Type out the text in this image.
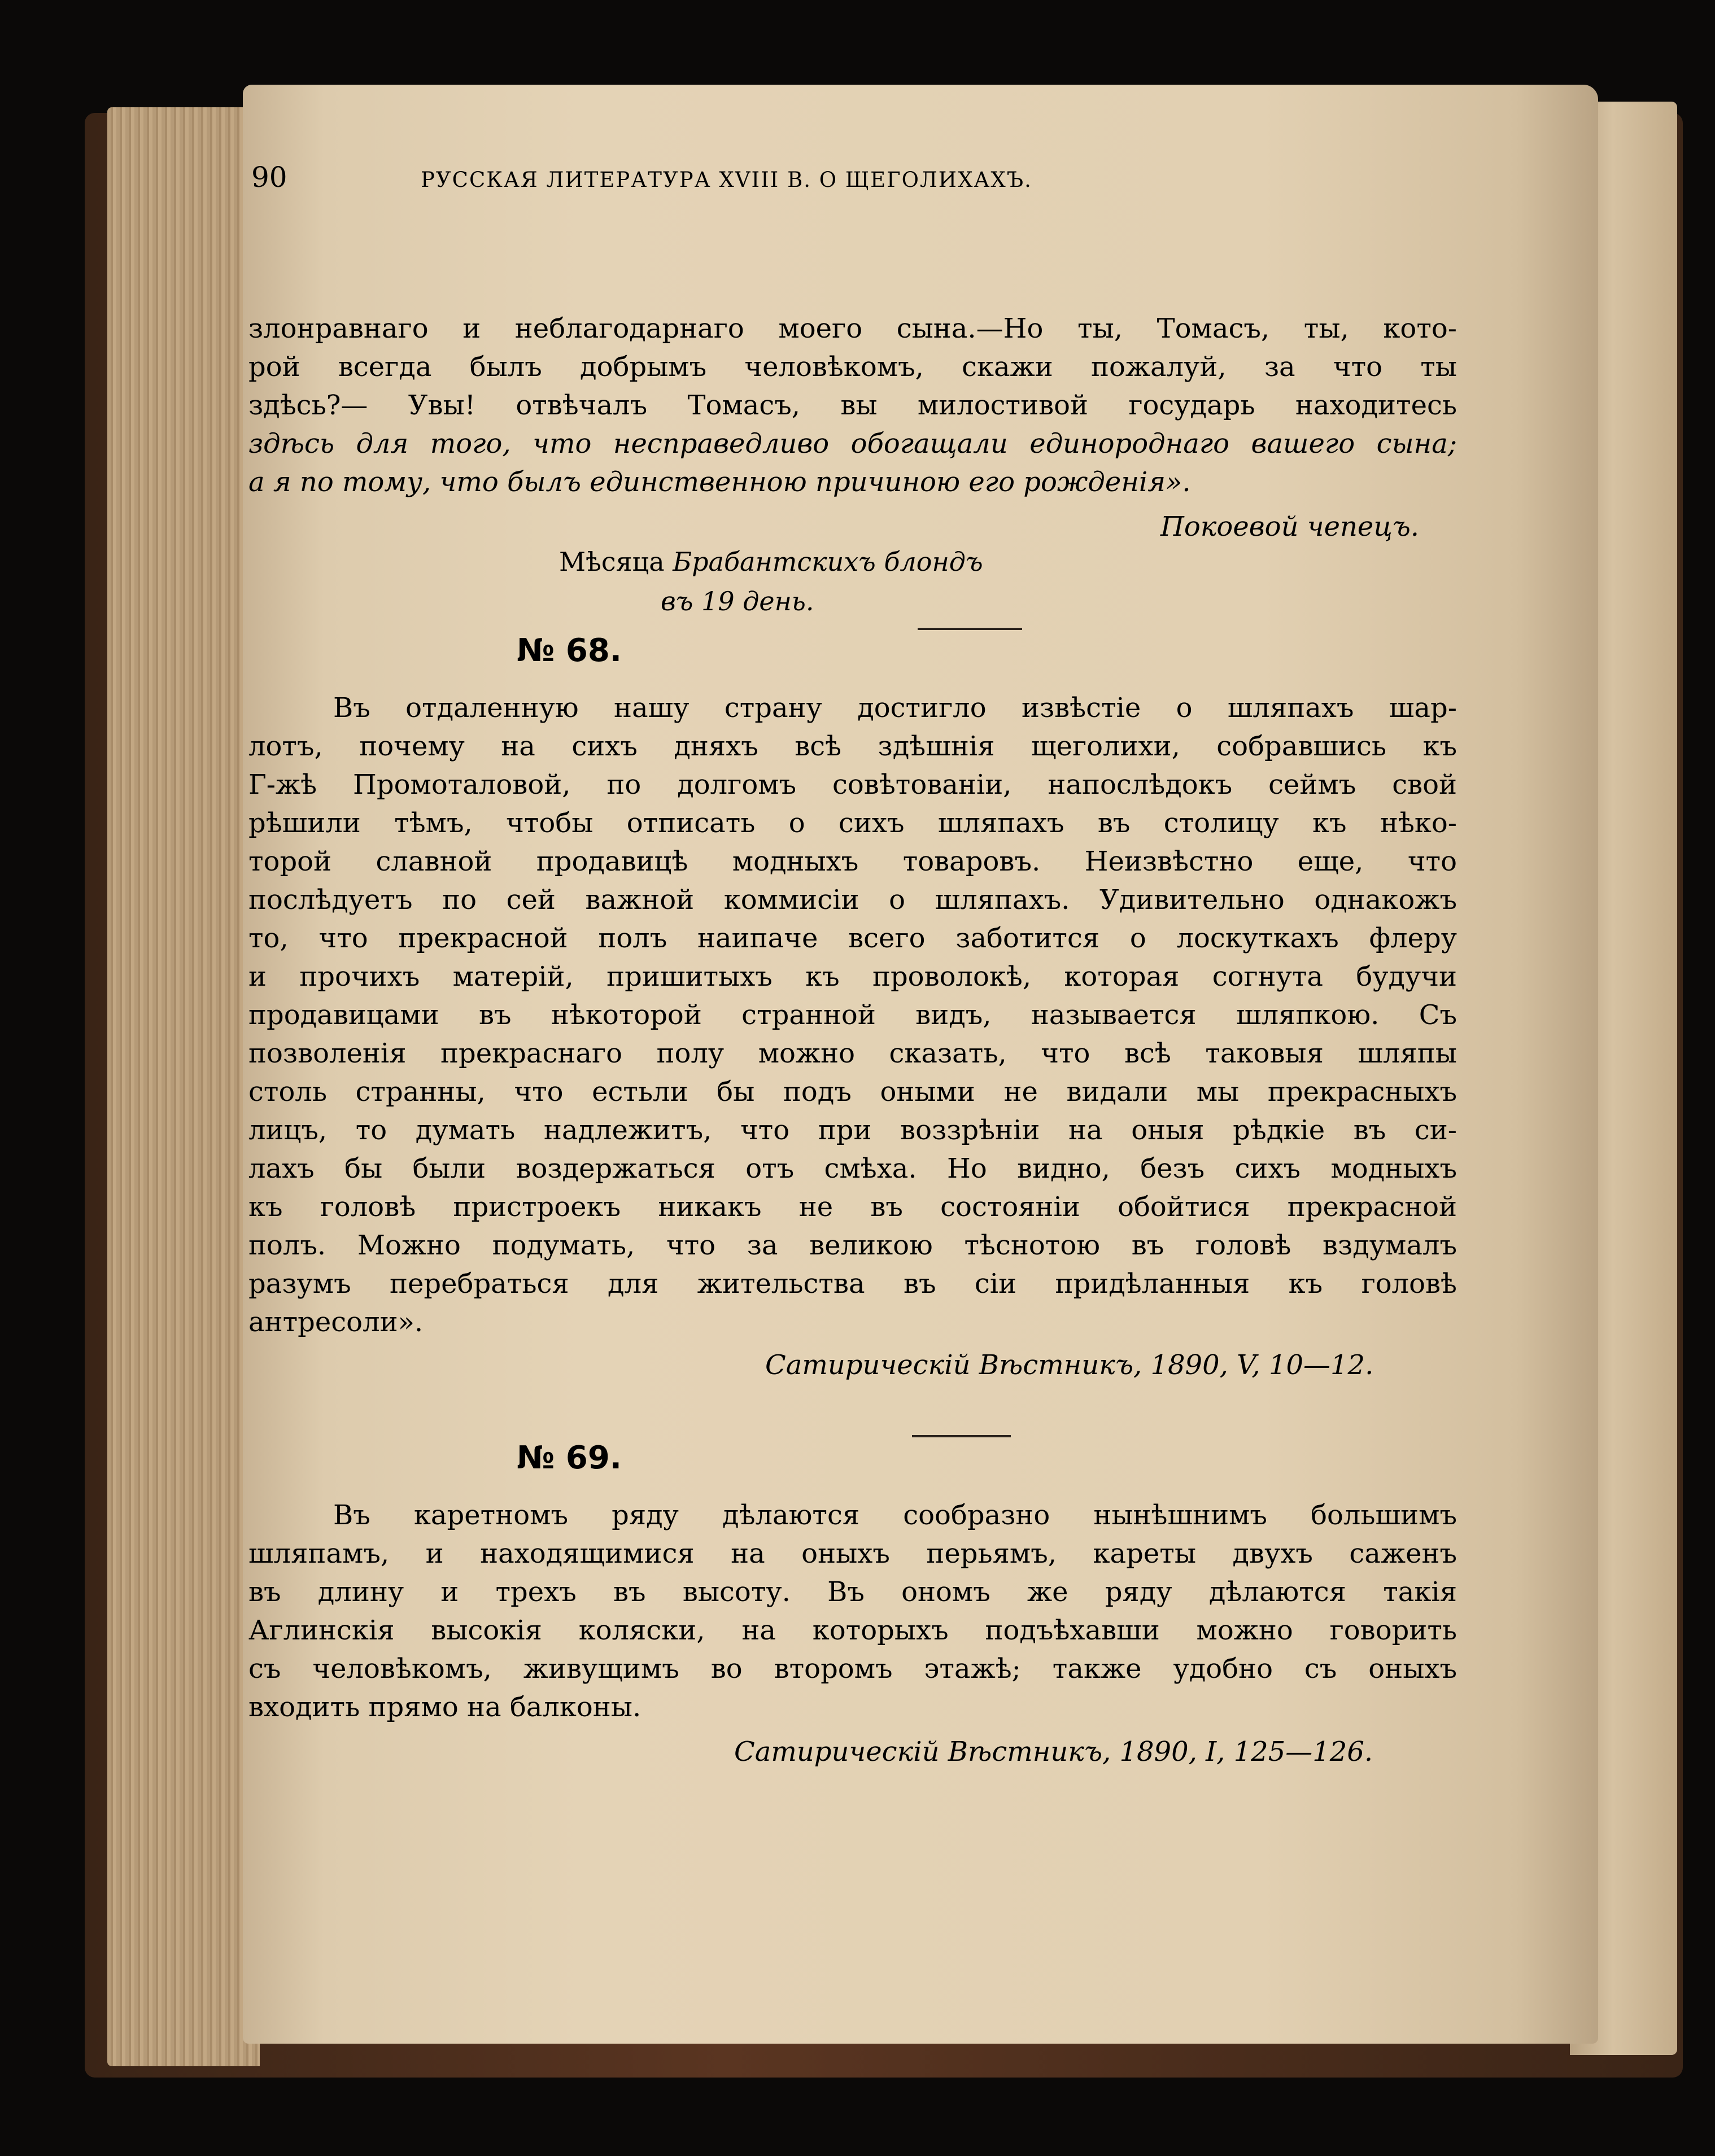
90	РУССКАЯ ЛИТЕРАТУРА XVIII В. О ЩЕГОЛИХАХЪ.
злонравнаго и неблагодарнаго моего сына.—Но ты, Томасъ, ты, кото-
рой всегда былъ добрымъ человѣкомъ, скажи пожалуй, за что ты
здѣсь?— Увы! отвѣчалъ Томасъ, вы милостивой государь находитесь
здѣсь для того, что несправедливо обогащали единороднаго вашего сына;
а я по тому, что былъ единственною причиною его рожденія».
Покоевой чепецъ.
Мѣсяца Брабантскихъ блондъ
въ 19 день.
№ 68.
Въ отдаленную нашу страну достигло извѣстіе о шляпахъ шар-
лотъ, почему на сихъ дняхъ всѣ здѣшнія щеголихи, собравшись къ
Г-жѣ Промоталовой, по долгомъ совѣтованіи, напослѣдокъ сеймъ свой
рѣшили тѣмъ, чтобы отписать о сихъ шляпахъ въ столицу къ нѣко-
торой славной продавицѣ модныхъ товаровъ. Неизвѣстно еще, что
послѣдуетъ по сей важной коммисіи о шляпахъ. Удивительно однакожъ
то, что прекрасной полъ наипаче всего заботится о лоскуткахъ флеру
и прочихъ матерій, пришитыхъ къ проволокѣ, которая согнута будучи
продавицами въ нѣкоторой странной видъ, называется шляпкою. Съ
позволенія прекраснаго полу можно сказать, что всѣ таковыя шляпы
столь странны, что естьли бы подъ оными не видали мы прекрасныхъ
лицъ, то думать надлежитъ, что при воззрѣніи на оныя рѣдкіе въ си-
лахъ бы были воздержаться отъ смѣха. Но видно, безъ сихъ модныхъ
къ головѣ пристроекъ никакъ не въ состояніи обойтися прекрасной
полъ. Можно подумать, что за великою тѣснотою въ головѣ вздумалъ
разумъ перебраться для жительства въ сіи придѣланныя къ головѣ
антресоли».
Сатирическій Вѣстникъ, 1890, V, 10—12.
№ 69.
Въ каретномъ ряду дѣлаются сообразно нынѣшнимъ большимъ
шляпамъ, и находящимися на оныхъ перьямъ, кареты двухъ саженъ
въ длину и трехъ въ высоту. Въ ономъ же ряду дѣлаются такія
Аглинскія высокія коляски, на которыхъ подъѣхавши можно говорить
съ человѣкомъ, живущимъ во второмъ этажѣ; также удобно съ оныхъ
входить прямо на балконы.
Сатирическій Вѣстникъ, 1890, I, 125—126.
